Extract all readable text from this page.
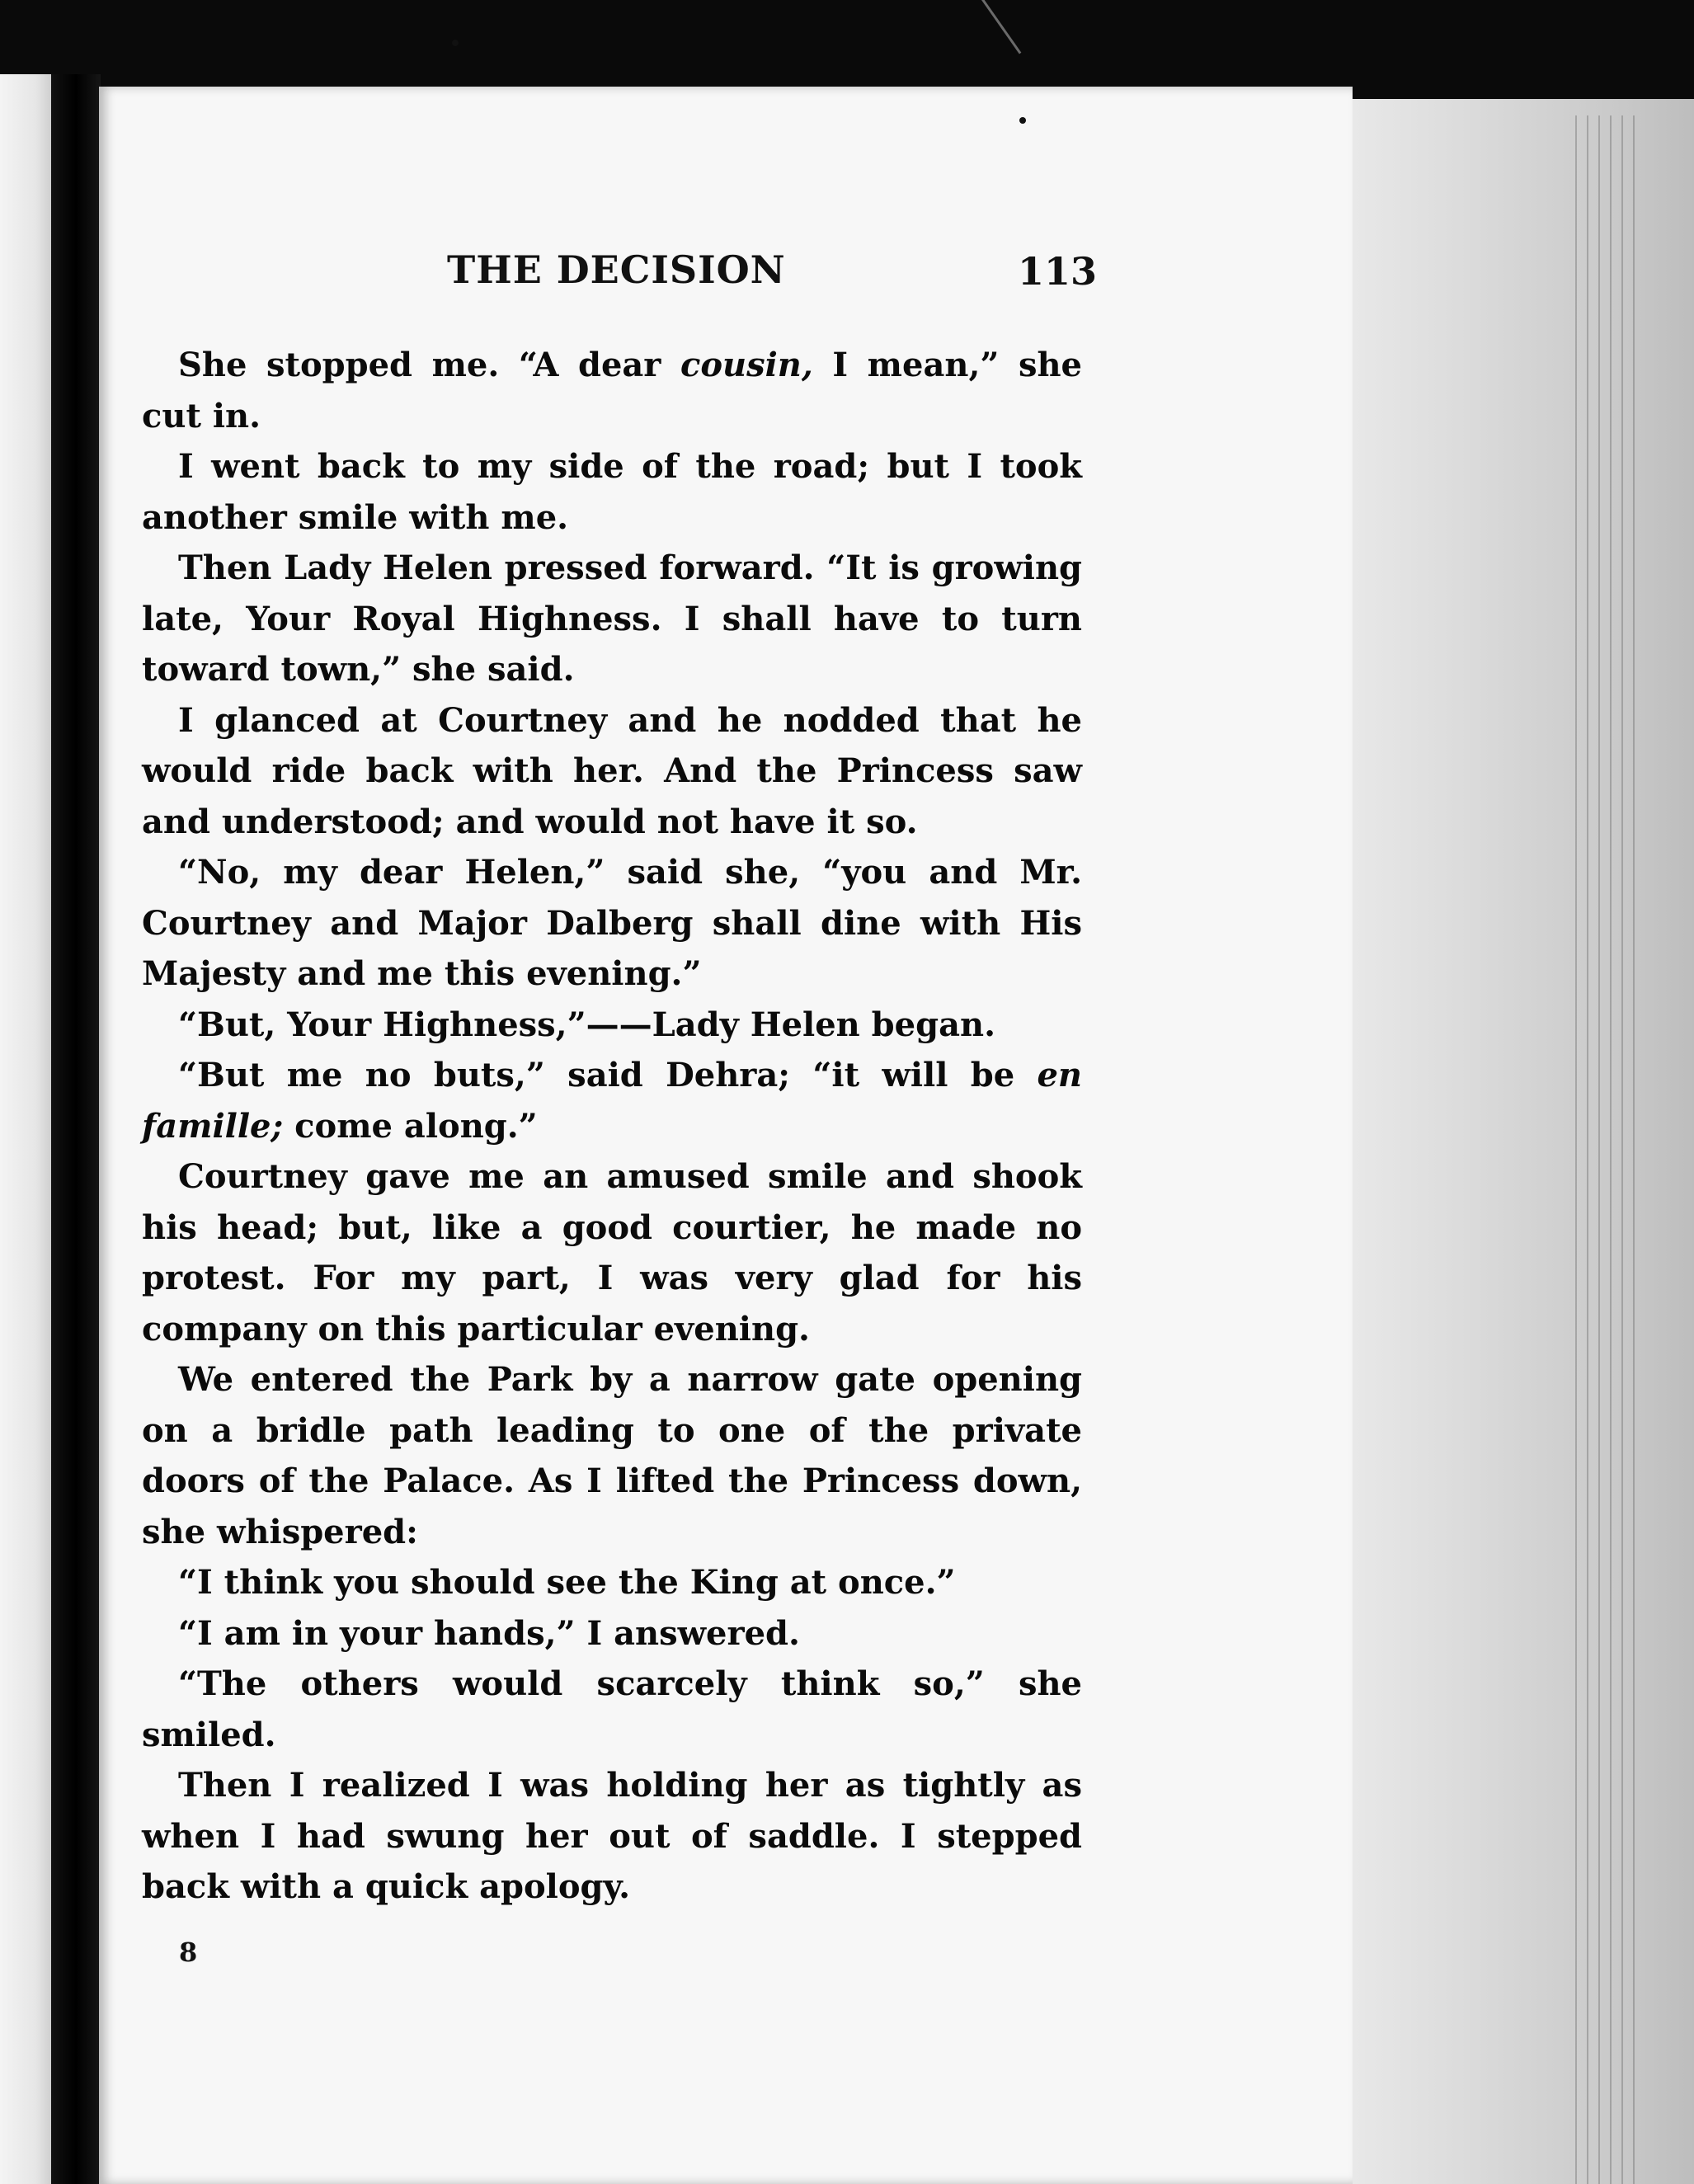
THE DECISION	113

She stopped me. “A dear cousin, I mean,” she cut in.

I went back to my side of the road; but I took another smile with me.

Then Lady Helen pressed forward. “It is growing late, Your Royal Highness. I shall have to turn toward town,” she said.

I glanced at Courtney and he nodded that he would ride back with her. And the Princess saw and understood; and would not have it so.

“No, my dear Helen,” said she, “you and Mr. Courtney and Major Dalberg shall dine with His Majesty and me this evening.”

“But, Your Highness,”——Lady Helen began.

“But me no buts,” said Dehra; “it will be en famille; come along.”

Courtney gave me an amused smile and shook his head; but, like a good courtier, he made no protest. For my part, I was very glad for his company on this particular evening.

We entered the Park by a narrow gate opening on a bridle path leading to one of the private doors of the Palace. As I lifted the Princess down, she whispered:

“I think you should see the King at once.”

“I am in your hands,” I answered.

“The others would scarcely think so,” she smiled.

Then I realized I was holding her as tightly as when I had swung her out of saddle. I stepped back with a quick apology.

8
